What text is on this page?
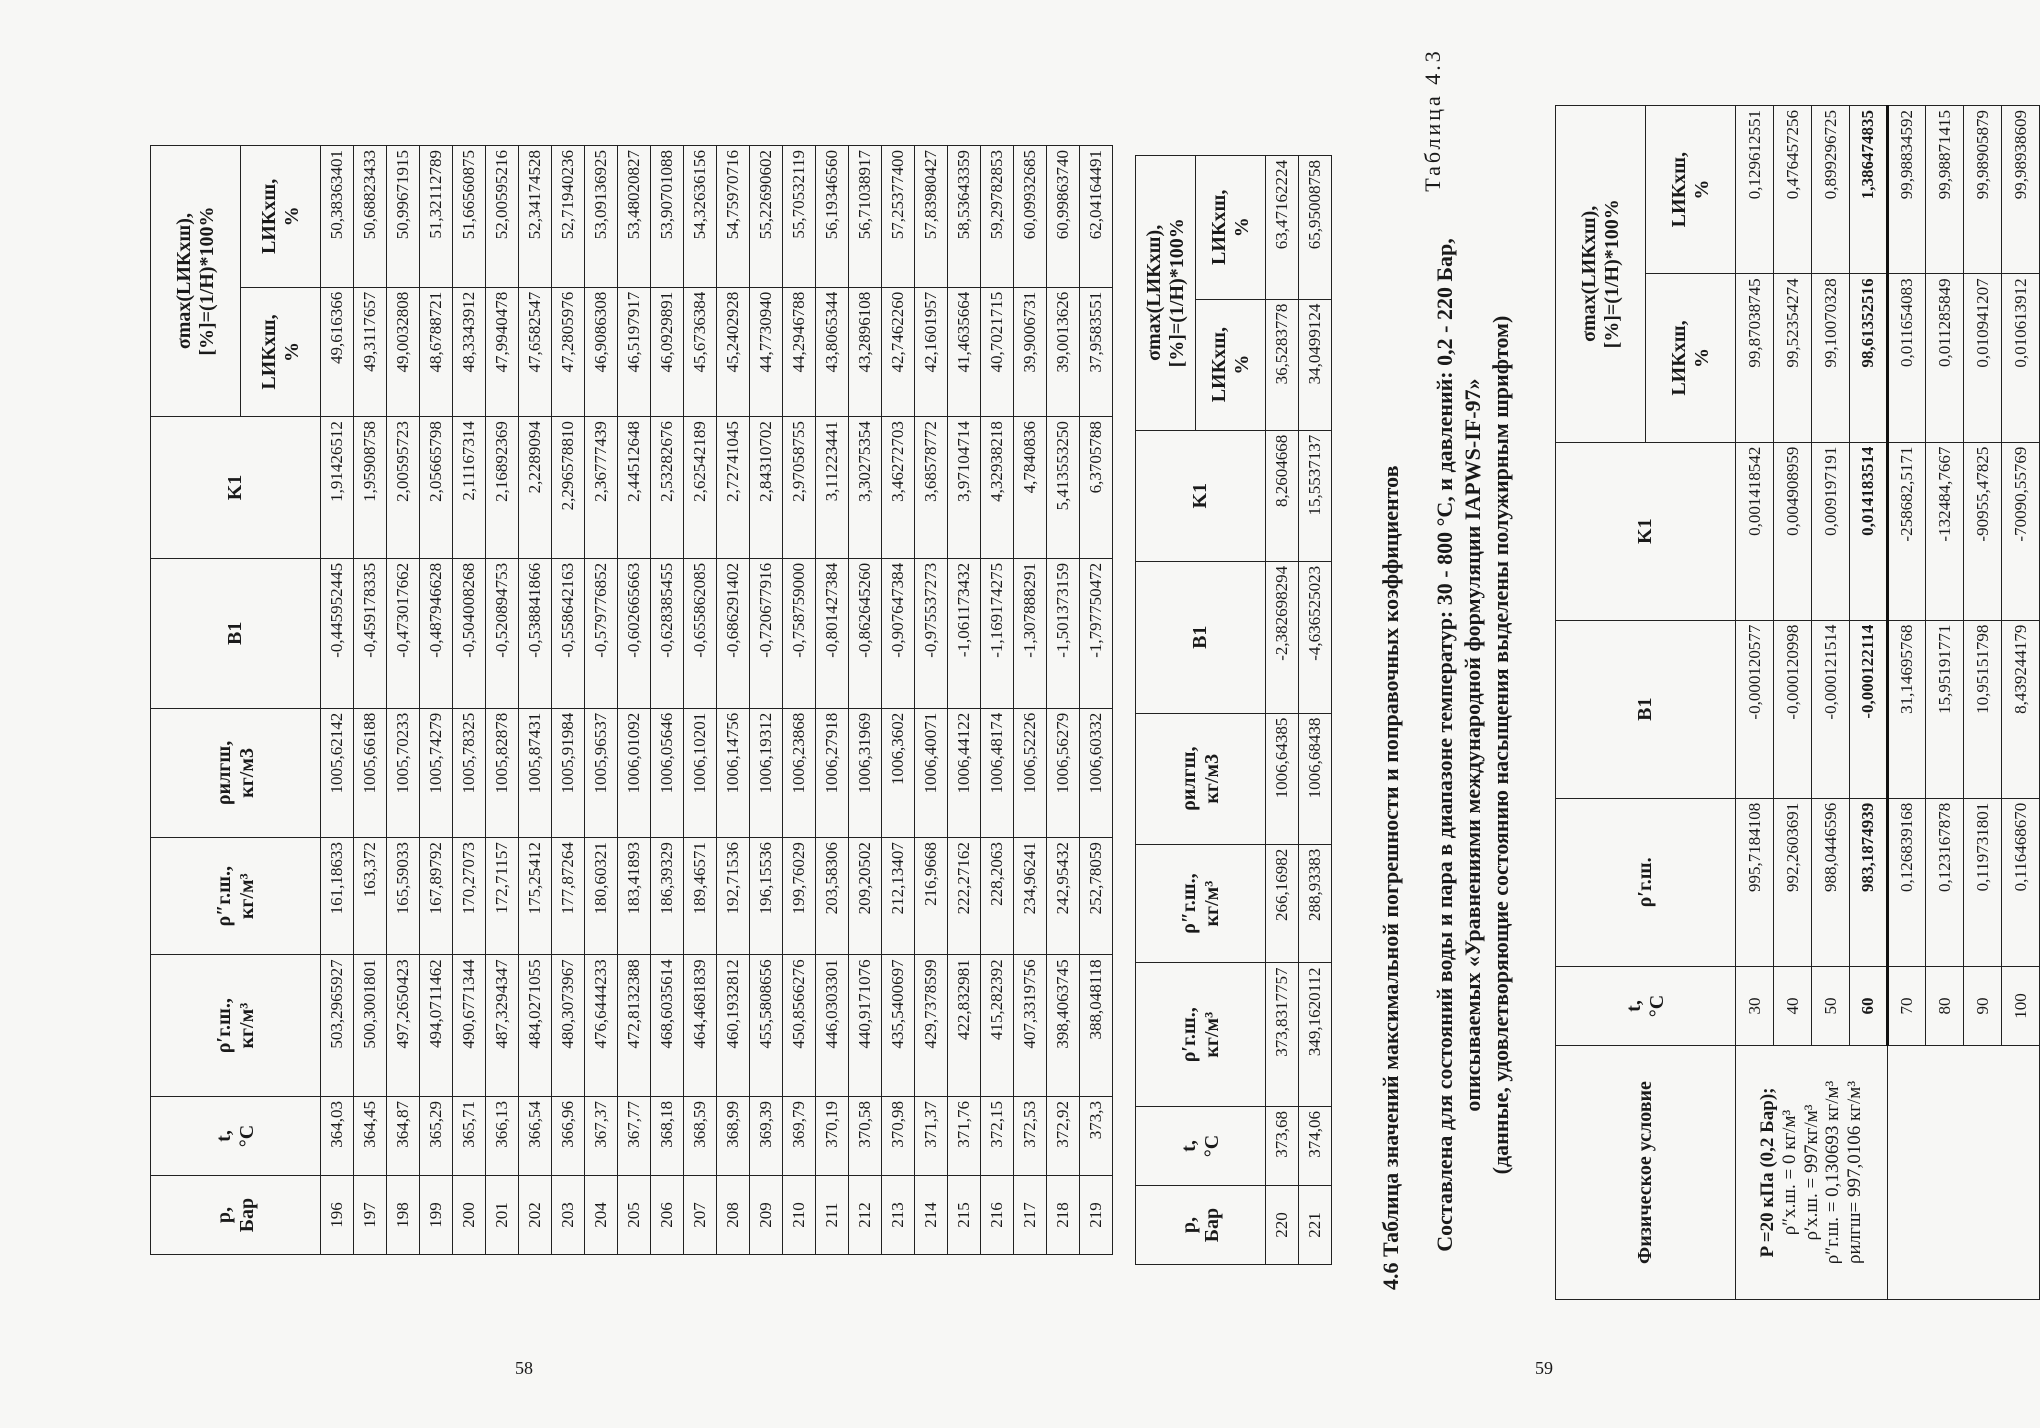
p,
Бар	t,
°C	ρ′г.ш.,
кг/м³	ρ″г.ш.,
кг/м³	ρилгш,
кг/м3	B1	K1	σmax(LИКхш),
[%]=(1/H)*100%	
							LИКхш,
%	LИКхш,
%
196	364,03	503,2965927	161,18633	1005,62142	-0,445952445	1,91426512	49,616366	50,38363401
197	364,45	500,3001801	163,372	1005,66188	-0,459178335	1,95908758	49,3117657	50,68823433
198	364,87	497,2650423	165,59033	1005,70233	-0,473017662	2,00595723	49,0032808	50,99671915
199	365,29	494,0711462	167,89792	1005,74279	-0,487946628	2,05665798	48,6788721	51,32112789
200	365,71	490,6771344	170,27073	1005,78325	-0,504008268	2,11167314	48,3343912	51,66560875
201	366,13	487,3294347	172,71157	1005,82878	-0,520894753	2,16892369	47,9940478	52,00595216
202	366,54	484,0271055	175,25412	1005,87431	-0,538841866	2,2289094	47,6582547	52,34174528
203	366,96	480,3073967	177,87264	1005,91984	-0,558642163	2,296578810	47,2805976	52,71940236
204	367,37	476,6444233	180,60321	1005,96537	-0,579776852	2,36777439	46,9086308	53,09136925
205	367,77	472,8132388	183,41893	1006,01092	-0,602665663	2,44512648	46,5197917	53,48020827
206	368,18	468,6035614	186,39329	1006,05646	-0,628385455	2,53282676	46,0929891	53,90701088
207	368,59	464,4681839	189,46571	1006,10201	-0,655862085	2,62542189	45,6736384	54,32636156
208	368,99	460,1932812	192,71536	1006,14756	-0,686291402	2,72741045	45,2402928	54,75970716
209	369,39	455,5808656	196,15536	1006,19312	-0,720677916	2,84310702	44,7730940	55,22690602
210	369,79	450,8566276	199,76029	1006,23868	-0,758759000	2,97058755	44,2946788	55,70532119
211	370,19	446,0303301	203,58306	1006,27918	-0,801427384	3,11223441	43,8065344	56,19346560
212	370,58	440,9171076	209,20502	1006,31969	-0,862645260	3,30275354	43,2896108	56,71038917
213	370,98	435,5400697	212,13407	1006,3602	-0,907647384	3,46272703	42,7462260	57,25377400
214	371,37	429,7378599	216,9668	1006,40071	-0,975537273	3,68578772	42,1601957	57,83980427
215	371,76	422,832981	222,27162	1006,44122	-1,061173432	3,97104714	41,4635664	58,53643359
216	372,15	415,282392	228,2063	1006,48174	-1,169174275	4,32938218	40,7021715	59,29782853
217	372,53	407,3319756	234,96241	1006,52226	-1,307888291	4,7840836	39,9006731	60,09932685
218	372,92	398,4063745	242,95432	1006,56279	-1,501373159	5,413553250	39,0013626	60,99863740
219	373,3	388,048118	252,78059	1006,60332	-1,797750472	6,3705788	37,9583551	62,04164491
58
p,
Бар	t,
°C	ρ′г.ш.,
кг/м³	ρ″г.ш.,
кг/м³	ρилгш,
кг/м3	B1	K1	σmax(LИКхш),
[%]=(1/H)*100%	
							LИКхш,
%	LИКхш,
%
220	373,68	373,8317757	266,16982	1006,64385	-2,382698294	8,2604668	36,5283778	63,47162224
221	374,06	349,1620112	288,93383	1006,68438	-4,636525023	15,5537137	34,0499124	65,95008758
4.6 Таблица значений максимальной погрешности и поправочных коэффициентов
Таблица 4.3
Составлена для состояний воды и пара в диапазоне температур: 30 - 800 °С, и давлений: 0,2 - 220 Бар, описываемых «Уравнениями международной формуляции IAPWS-IF-97» (данные, удовлетворяющие состоянию насыщения выделены полужирным шрифтом)	Физическое условие	t,
°C	ρ′г.ш.	B1	K1	σmax(LИКхш),
[%]=(1/H)*100%	
					LИКхш,
%	LИКхш,
%

P =20 кПа (0,2 Бар); ρ″х.ш. = 0 кг/м³ ρ′х.ш. = 997кг/м³ ρ″г.ш. = 0,130693 кг/м³ ρилгш= 997,0106 кг/м³	30	995,7184108	-0,000120577	0,001418542	99,87038745	0,129612551
	40	992,2603691	-0,000120998	0,004908959	99,52354274	0,476457256
	50	988,0446596	-0,000121514	0,009197191	99,10070328	0,899296725
	60	983,1874939	-0,000122114	0,014183514	98,61352516	1,386474835
	70	0,126839168	31,14695768	-258682,5171	0,011654083	99,98834592
	80	0,123167878	15,95191771	-132484,7667	0,011285849	99,98871415
	90	0,119731801	10,95151798	-90955,47825	0,010941207	99,98905879
	100	0,116468670	8,439244179	-70090,55769	0,010613912	99,98938609
59
